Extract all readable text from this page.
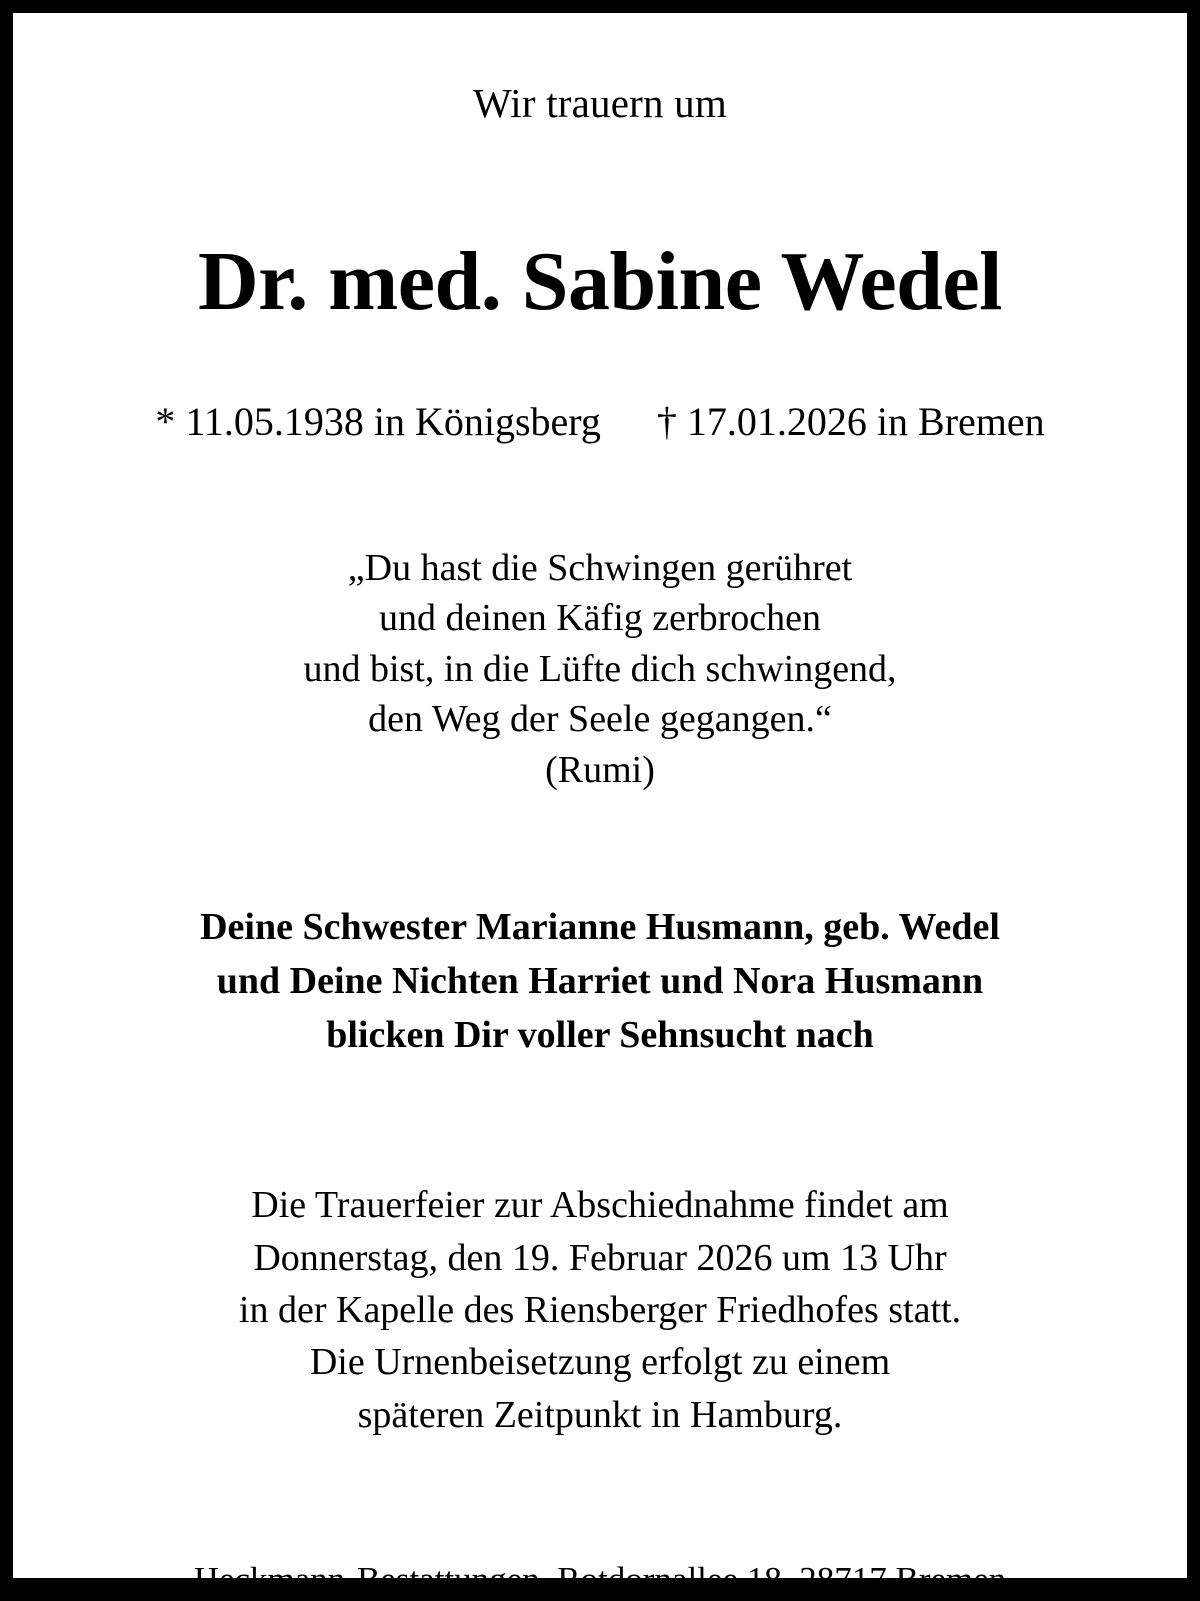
Wir trauern um
Dr. med. Sabine Wedel
* 11.05.1938 in Königsberg † 17.01.2026 in Bremen
„Du hast die Schwingen gerühret
und deinen Käfig zerbrochen
und bist, in die Lüfte dich schwingend,
den Weg der Seele gegangen.“
(Rumi)
Deine Schwester Marianne Husmann, geb. Wedel
und Deine Nichten Harriet und Nora Husmann
blicken Dir voller Sehnsucht nach
Die Trauerfeier zur Abschiednahme findet am
Donnerstag, den 19. Februar 2026 um 13 Uhr
in der Kapelle des Riensberger Friedhofes statt.
Die Urnenbeisetzung erfolgt zu einem
späteren Zeitpunkt in Hamburg.
Heckmann-Bestattungen, Rotdornallee 18, 28717 Bremen
